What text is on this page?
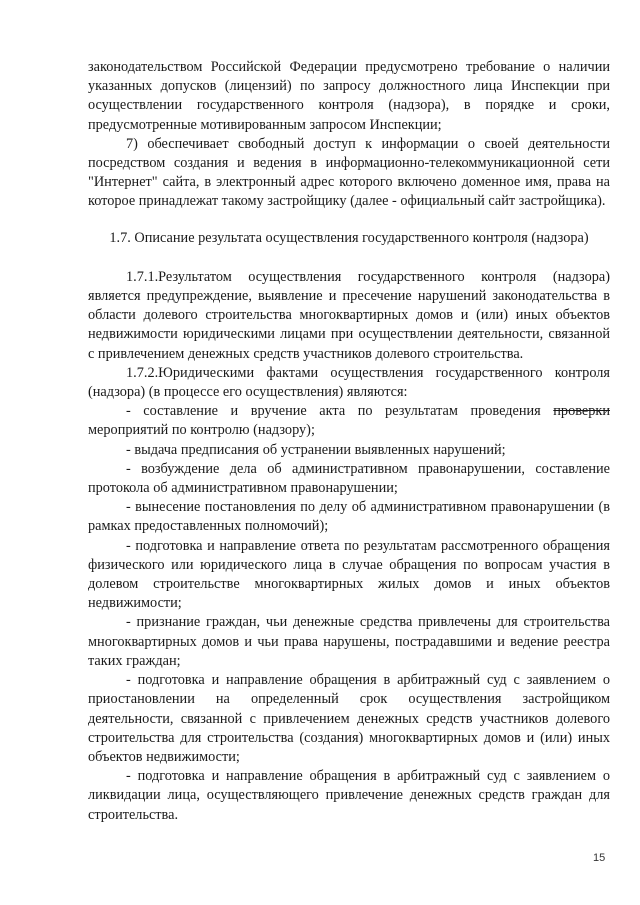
законодательством Российской Федерации предусмотрено требование о наличии указанных допусков (лицензий) по запросу должностного лица Инспекции при осуществлении государственного контроля (надзора), в порядке и сроки, предусмотренные мотивированным запросом Инспекции;

7) обеспечивает свободный доступ к информации о своей деятельности посредством создания и ведения в информационно-телекоммуникационной сети "Интернет" сайта, в электронный адрес которого включено доменное имя, права на которое принадлежат такому застройщику (далее - официальный сайт застройщика).

1.7. Описание результата осуществления государственного контроля (надзора)

1.7.1.Результатом осуществления государственного контроля (надзора) является предупреждение, выявление и пресечение нарушений законодательства в области долевого строительства многоквартирных домов и (или) иных объектов недвижимости юридическими лицами при осуществлении деятельности, связанной с привлечением денежных средств участников долевого строительства.

1.7.2.Юридическими фактами осуществления государственного контроля (надзора) (в процессе его осуществления) являются:

- составление и вручение акта по результатам проведения проверки мероприятий по контролю (надзору);

- выдача предписания об устранении выявленных нарушений;

- возбуждение дела об административном правонарушении, составление протокола об административном правонарушении;

- вынесение постановления по делу об административном правонарушении (в рамках предоставленных полномочий);

- подготовка и направление ответа по результатам рассмотренного обращения физического или юридического лица в случае обращения по вопросам участия в долевом строительстве многоквартирных жилых домов и иных объектов недвижимости;

- признание граждан, чьи денежные средства привлечены для строительства многоквартирных домов и чьи права нарушены, пострадавшими и ведение реестра таких граждан;

- подготовка и направление обращения в арбитражный суд с заявлением о приостановлении на определенный срок осуществления застройщиком деятельности, связанной с привлечением денежных средств участников долевого строительства для строительства (создания) многоквартирных домов и (или) иных объектов недвижимости;

- подготовка и направление обращения в арбитражный суд с заявлением о ликвидации лица, осуществляющего привлечение денежных средств граждан для строительства.

15
